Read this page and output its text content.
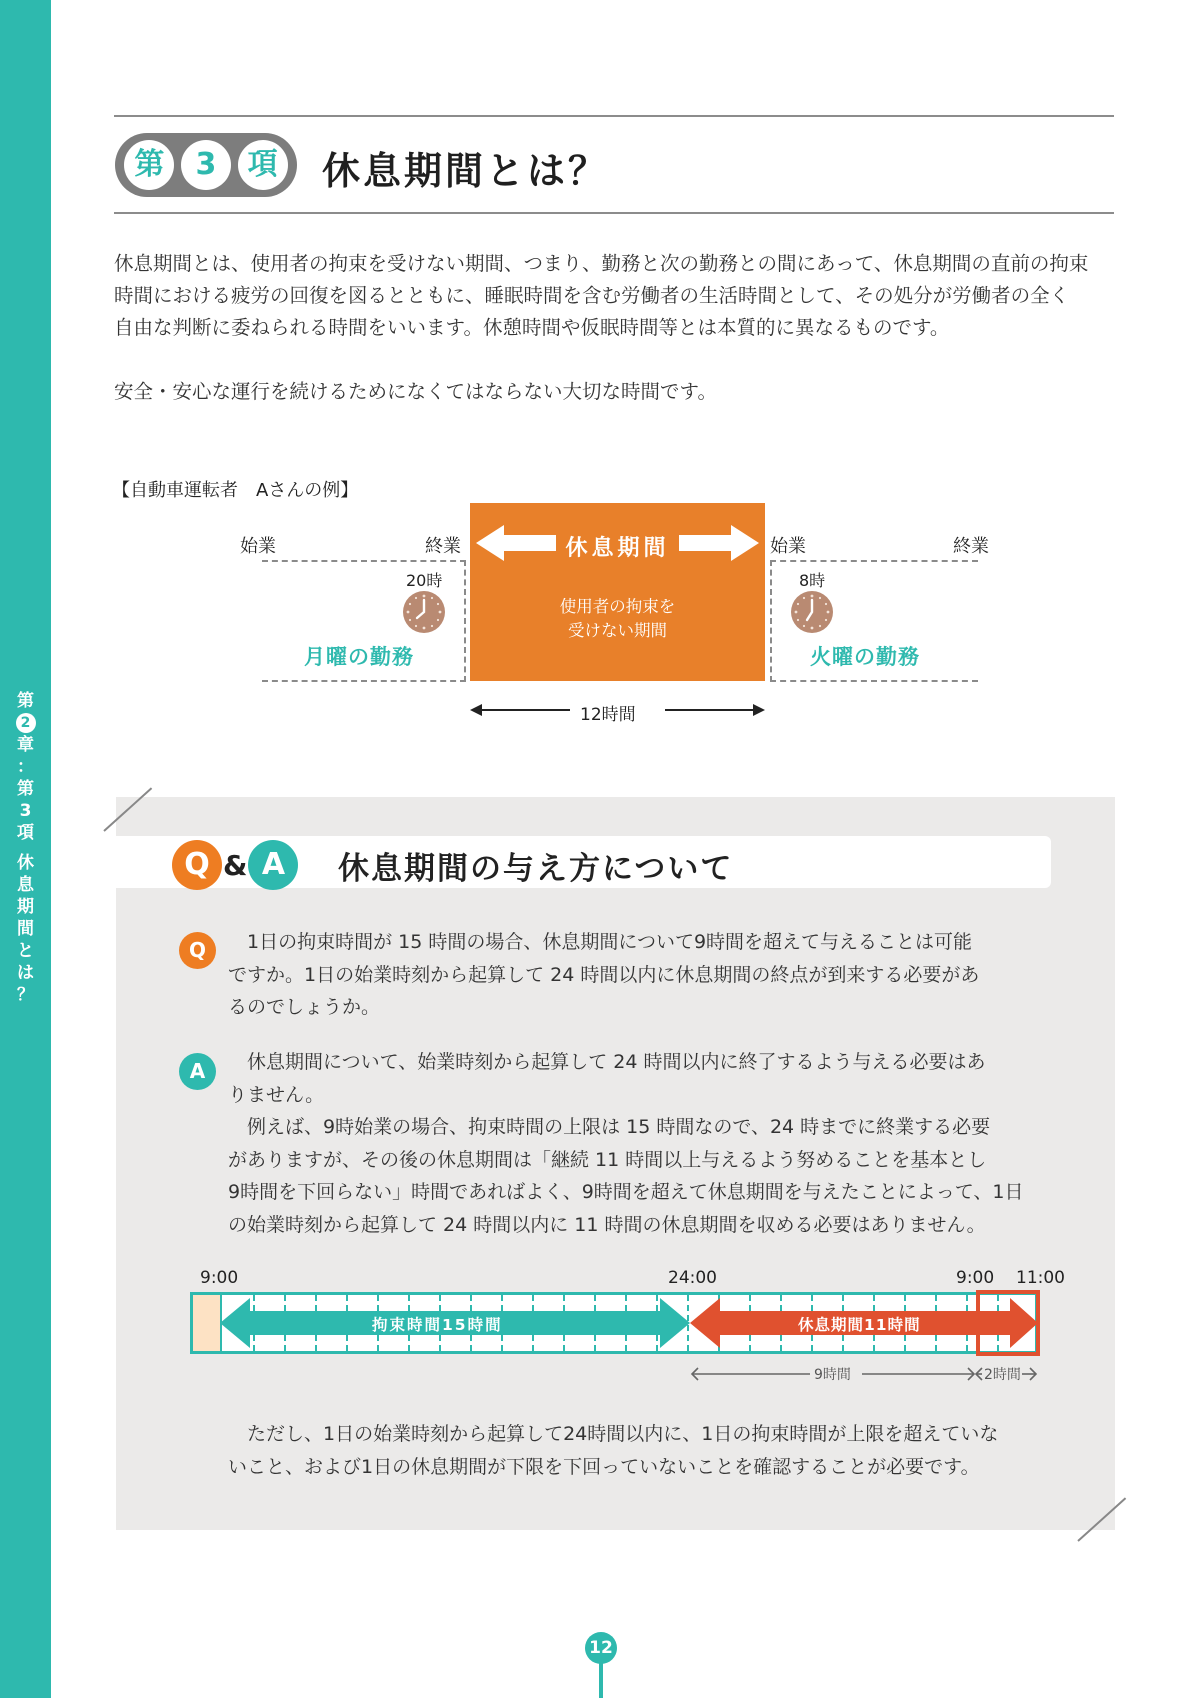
第
2
章
：
第
3
項
休
息
期
間
と
は
？
第	3	項 休息期間とは？

休息期間とは、使用者の拘束を受けない期間、つまり、勤務と次の勤務との間にあって、休息期間の直前の拘束

時間における疲労の回復を図るとともに、睡眠時間を含む労働者の生活時間として、その処分が労働者の全く

自由な判断に委ねられる時間をいいます。休憩時間や仮眠時間等とは本質的に異なるものです。

安全・安心な運行を続けるためになくてはならない大切な時間です。

【自動車運転者　Aさんの例】
始業	終業
20時
月曜の勤務
休息期間
使用者の拘束を
受けない期間
始業	終業
8時
火曜の勤務
12時間
Q & A	休息期間の与え方について
Q	　1日の拘束時間が 15 時間の場合、休息期間について9時間を超えて与えることは可能

ですか。1日の始業時刻から起算して 24 時間以内に休息期間の終点が到来する必要があ

るのでしょうか。

A	　休息期間について、始業時刻から起算して 24 時間以内に終了するよう与える必要はあ

りません。

　例えば、9時始業の場合、拘束時間の上限は 15 時間なので、24 時までに終業する必要

がありますが、その後の休息期間は「継続 11 時間以上与えるよう努めることを基本とし

9時間を下回らない」時間であればよく、9時間を超えて休息期間を与えたことによって、1日

の始業時刻から起算して 24 時間以内に 11 時間の休息期間を収める必要はありません。

9:00	24:00	9:00 11:00
拘束時間15時間	休息期間11時間
9時間	2時間

　ただし、1日の始業時刻から起算して24時間以内に、1日の拘束時間が上限を超えていな

いこと、および1日の休息期間が下限を下回っていないことを確認することが必要です。

12
